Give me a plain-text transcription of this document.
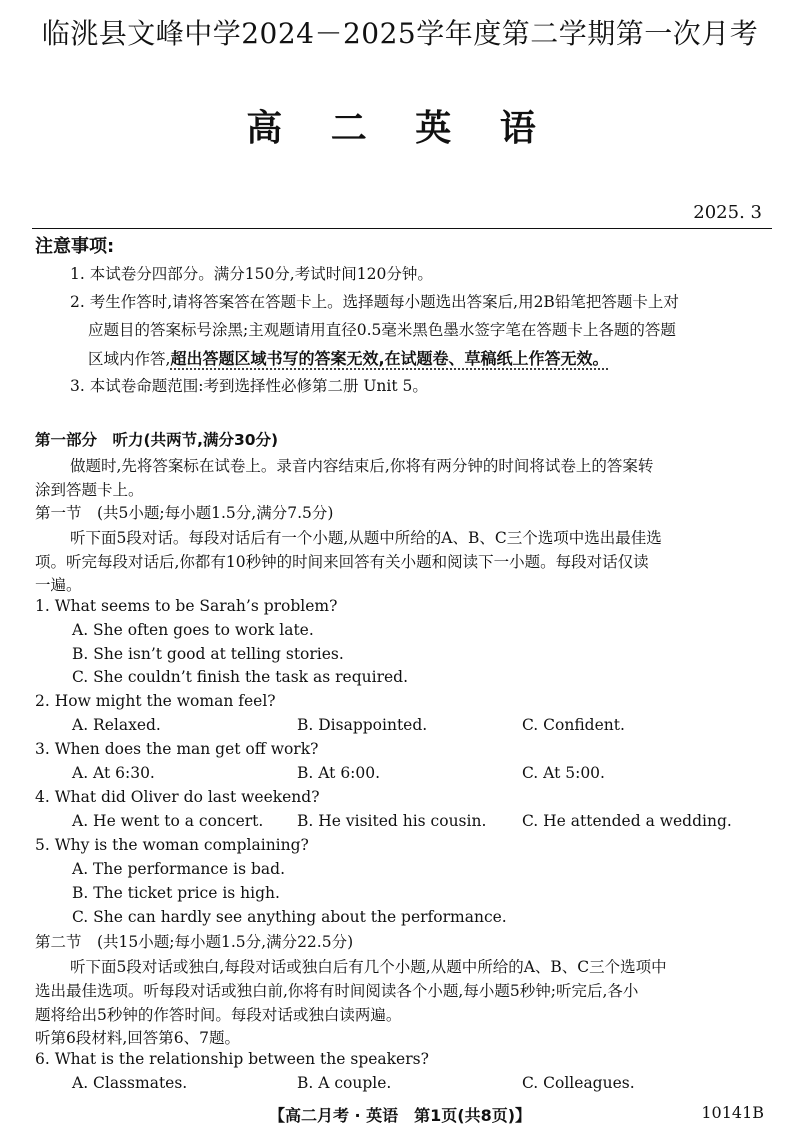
临洮县文峰中学2024－2025学年度第二学期第一次月考
高 二 英 语
2025. 3
注意事项:
1. 本试卷分四部分。满分150分,考试时间120分钟。
2. 考生作答时,请将答案答在答题卡上。选择题每小题选出答案后,用2B铅笔把答题卡上对
应题目的答案标号涂黑;主观题请用直径0.5毫米黑色墨水签字笔在答题卡上各题的答题
区域内作答,超出答题区域书写的答案无效,在试题卷、草稿纸上作答无效。
3. 本试卷命题范围:考到选择性必修第二册 Unit 5。
第一部分　听力(共两节,满分30分)
做题时,先将答案标在试卷上。录音内容结束后,你将有两分钟的时间将试卷上的答案转
涂到答题卡上。
第一节　(共5小题;每小题1.5分,满分7.5分)
听下面5段对话。每段对话后有一个小题,从题中所给的A、B、C三个选项中选出最佳选
项。听完每段对话后,你都有10秒钟的时间来回答有关小题和阅读下一小题。每段对话仅读
一遍。
1. What seems to be Sarah’s problem?
A. She often goes to work late.
B. She isn’t good at telling stories.
C. She couldn’t finish the task as required.
2. How might the woman feel?
A. Relaxed.	B. Disappointed.	C. Confident.
3. When does the man get off work?
A. At 6:30.	B. At 6:00.	C. At 5:00.
4. What did Oliver do last weekend?
A. He went to a concert. B. He visited his cousin. C. He attended a wedding.
5. Why is the woman complaining?
A. The performance is bad.
B. The ticket price is high.
C. She can hardly see anything about the performance.
第二节　(共15小题;每小题1.5分,满分22.5分)
听下面5段对话或独白,每段对话或独白后有几个小题,从题中所给的A、B、C三个选项中
选出最佳选项。听每段对话或独白前,你将有时间阅读各个小题,每小题5秒钟;听完后,各小
题将给出5秒钟的作答时间。每段对话或独白读两遍。
听第6段材料,回答第6、7题。
6. What is the relationship between the speakers?
A. Classmates.	B. A couple.	C. Colleagues.
【高二月考 · 英语　第1页(共8页)】	10141B
